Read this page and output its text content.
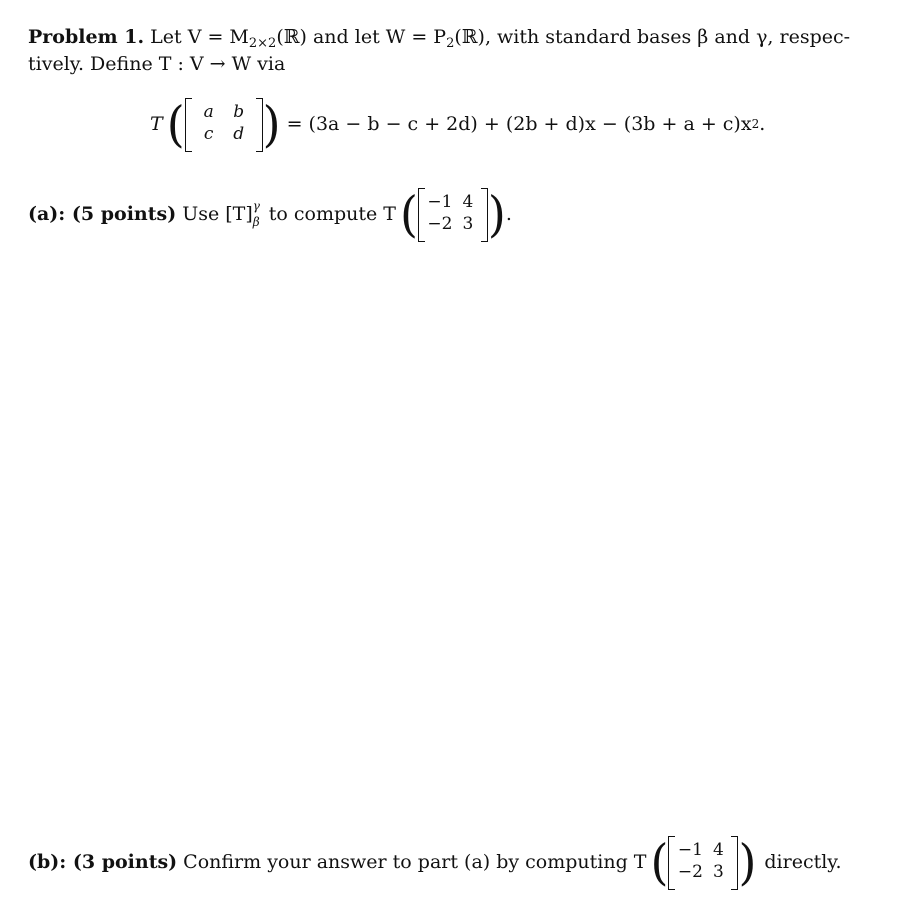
Problem 1. Let $V = M_{2\times 2}(ℝ)$ and let $W = P_2(ℝ)$, with standard bases β and γ, respec-
tively. Define T : V → W via
T (	a	b
c	d ) = (3a − b − c + 2d) + (2b + d)x − (3b + a + c)x 2 .
(a): (5 points) Use [T] γ
β to compute T ( −1 4
−2 3 ) .
(b): (3 points) Confirm your answer to part (a) by computing T ( −1 4
−2 3 ) directly.
